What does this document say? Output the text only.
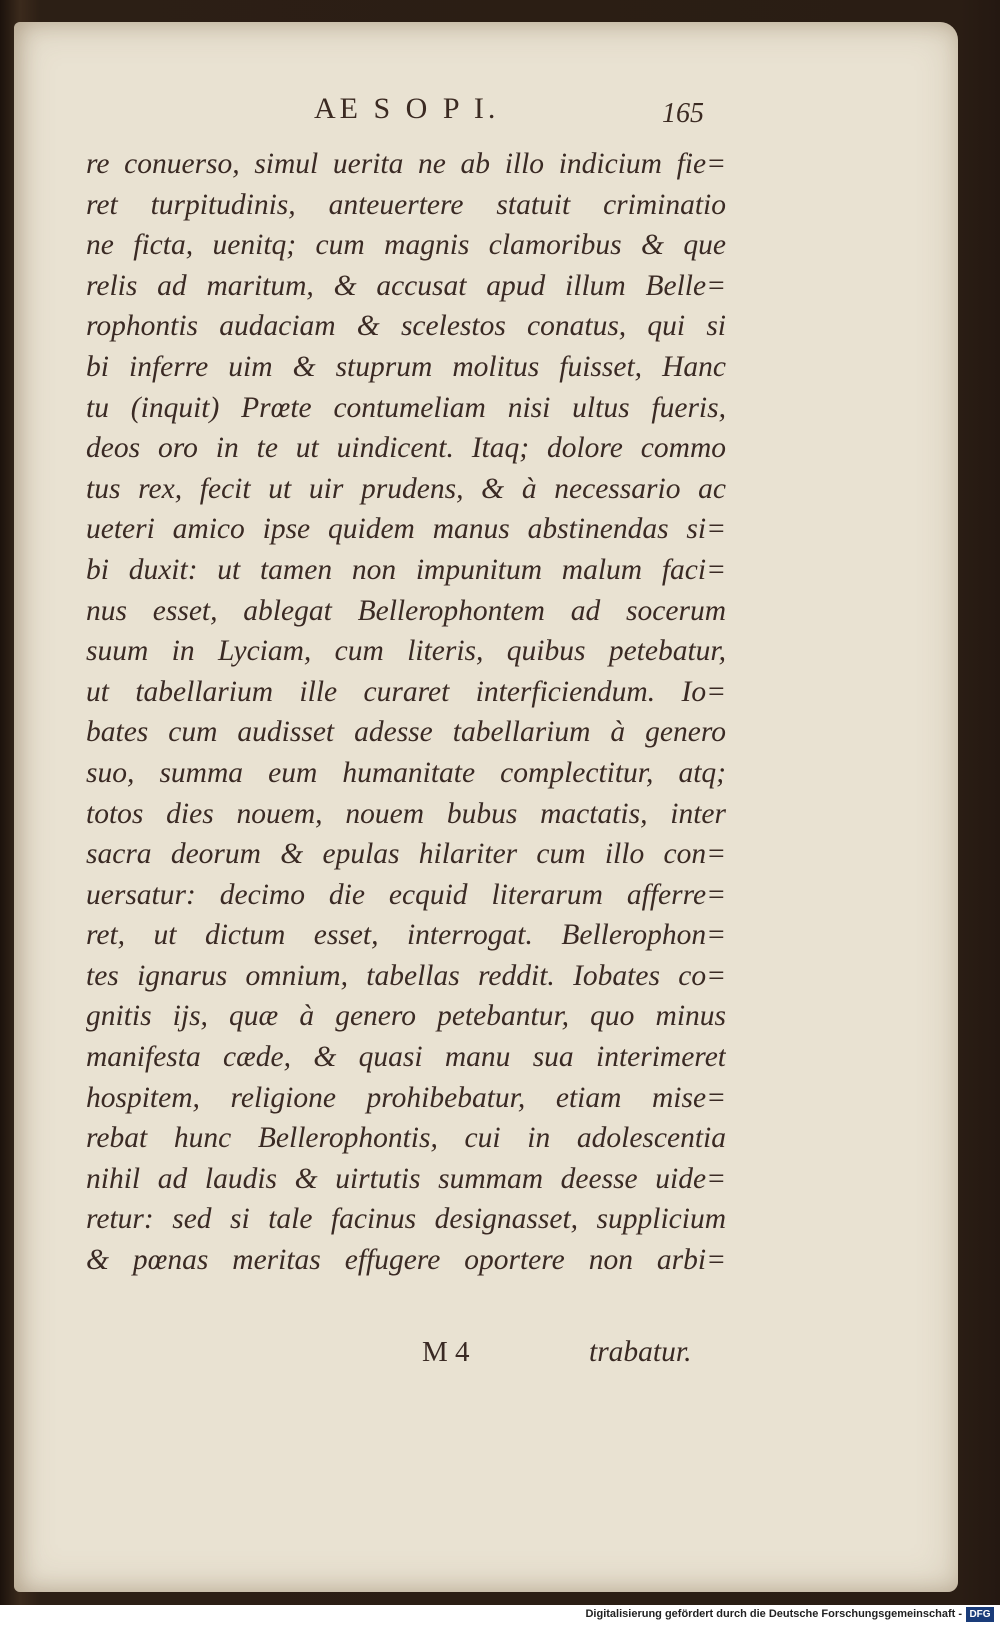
AE S O P I.	165
re conuerso, simul uerita ne ab illo indicium fie=
ret turpitudinis, anteuertere statuit criminatio
ne ficta, uenitq; cum magnis clamoribus & que
relis ad maritum, & accusat apud illum Belle=
rophontis audaciam & scelestos conatus, qui si
bi inferre uim & stuprum molitus fuisset, Hanc
tu (inquit) Prœte contumeliam nisi ultus fueris,
deos oro in te ut uindicent. Itaq; dolore commo
tus rex, fecit ut uir prudens, & à necessario ac
ueteri amico ipse quidem manus abstinendas si=
bi duxit: ut tamen non impunitum malum faci=
nus esset, ablegat Bellerophontem ad socerum
suum in Lyciam, cum literis, quibus petebatur,
ut tabellarium ille curaret interficiendum. Io=
bates cum audisset adesse tabellarium à genero
suo, summa eum humanitate complectitur, atq;
totos dies nouem, nouem bubus mactatis, inter
sacra deorum & epulas hilariter cum illo con=
uersatur: decimo die ecquid literarum afferre=
ret, ut dictum esset, interrogat. Bellerophon=
tes ignarus omnium, tabellas reddit. Iobates co=
gnitis ijs, quæ à genero petebantur, quo minus
manifesta cæde, & quasi manu sua interimeret
hospitem, religione prohibebatur, etiam mise=
rebat hunc Bellerophontis, cui in adolescentia
nihil ad laudis & uirtutis summam deesse uide=
retur: sed si tale facinus designasset, supplicium
& pœnas meritas effugere oportere non arbi=
M 4	trabatur.
Digitalisierung gefördert durch die Deutsche Forschungsgemeinschaft - DFG
